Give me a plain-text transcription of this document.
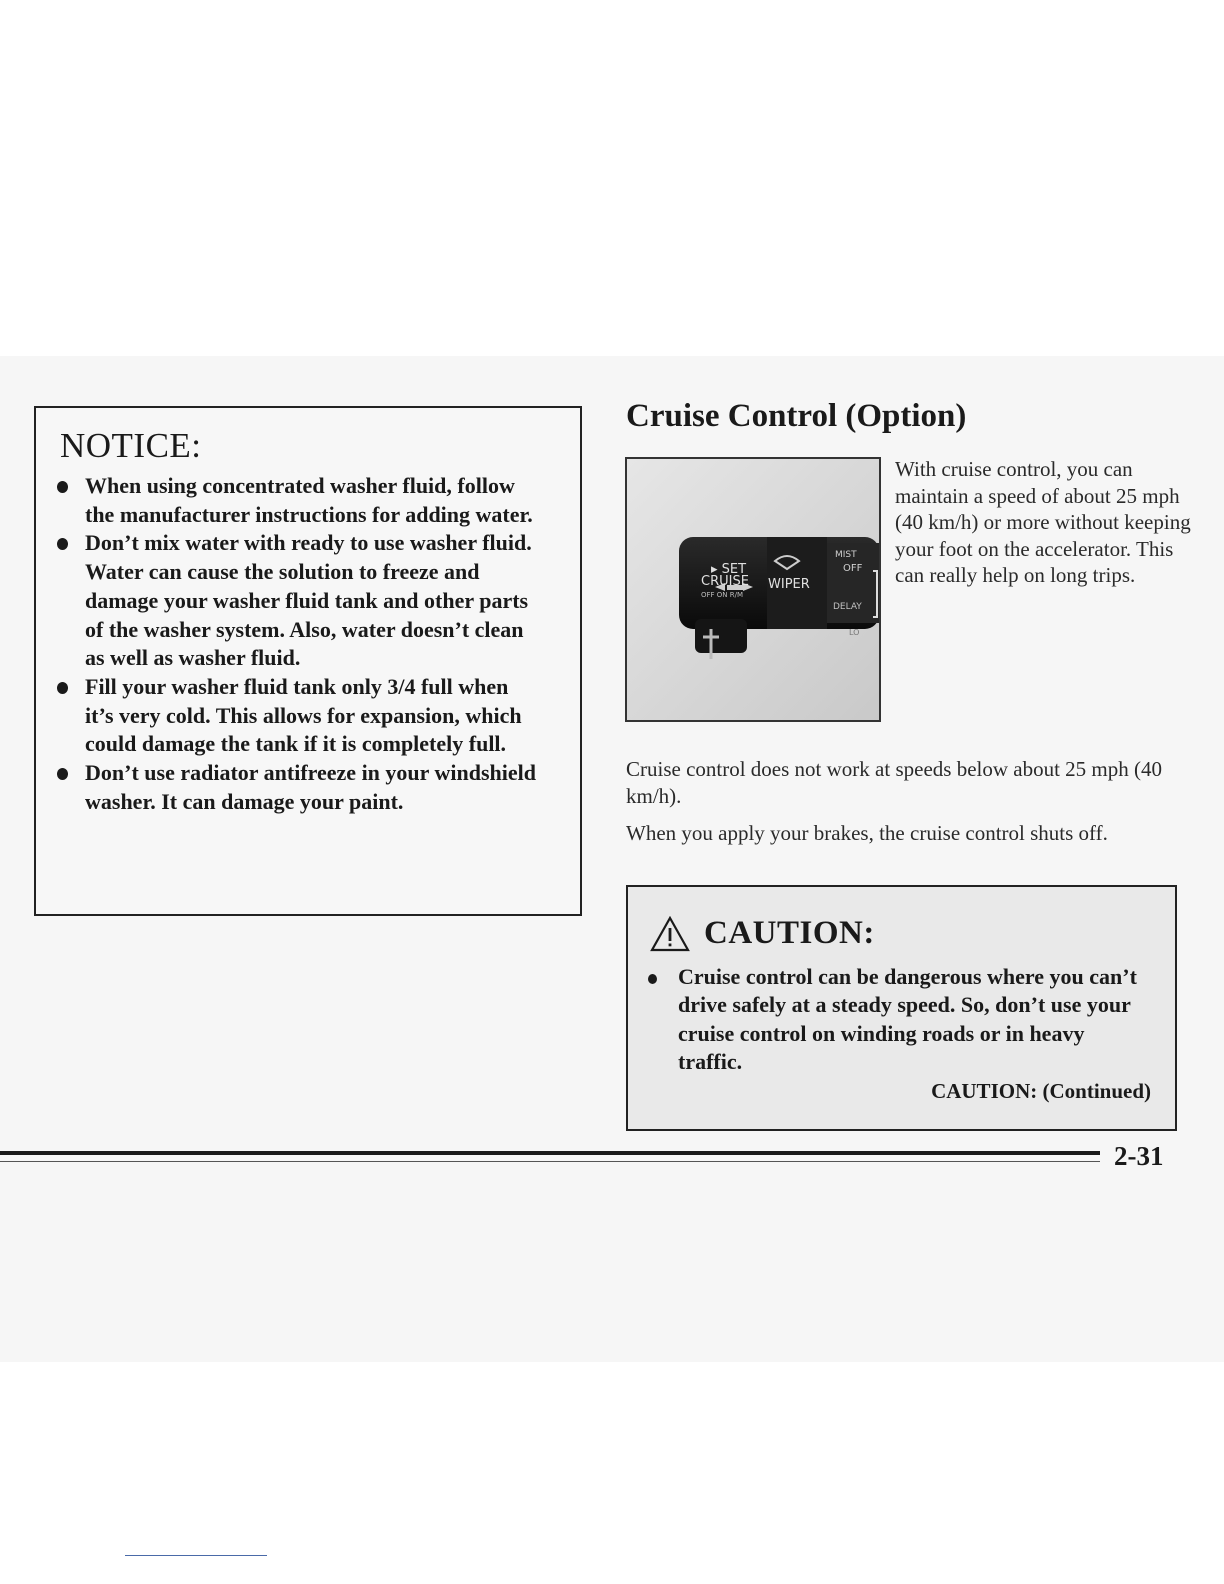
NOTICE:
When using concentrated washer fluid, follow the manufacturer instructions for adding water.
Don’t mix water with ready to use washer fluid. Water can cause the solution to freeze and damage your washer fluid tank and other parts of the washer system. Also, water doesn’t clean as well as washer fluid.
Fill your washer fluid tank only 3/4 full when it’s very cold. This allows for expansion, which could damage the tank if it is completely full.
Don’t use radiator antifreeze in your windshield washer. It can damage your paint.
Cruise Control (Option)
▸ SET
CRUISE
OFF ON R/M
WIPER
MIST
OFF
DELAY
LO

With cruise control, you can maintain a speed of about 25 mph (40 km/h) or more without keeping your foot on the accelerator. This can really help on long trips.

Cruise control does not work at speeds below about 25 mph (40 km/h).

When you apply your brakes, the cruise control shuts off.

CAUTION:

Cruise control can be dangerous where you can’t drive safely at a steady speed. So, don’t use your cruise control on winding roads or in heavy traffic.

CAUTION: (Continued)

2-31
